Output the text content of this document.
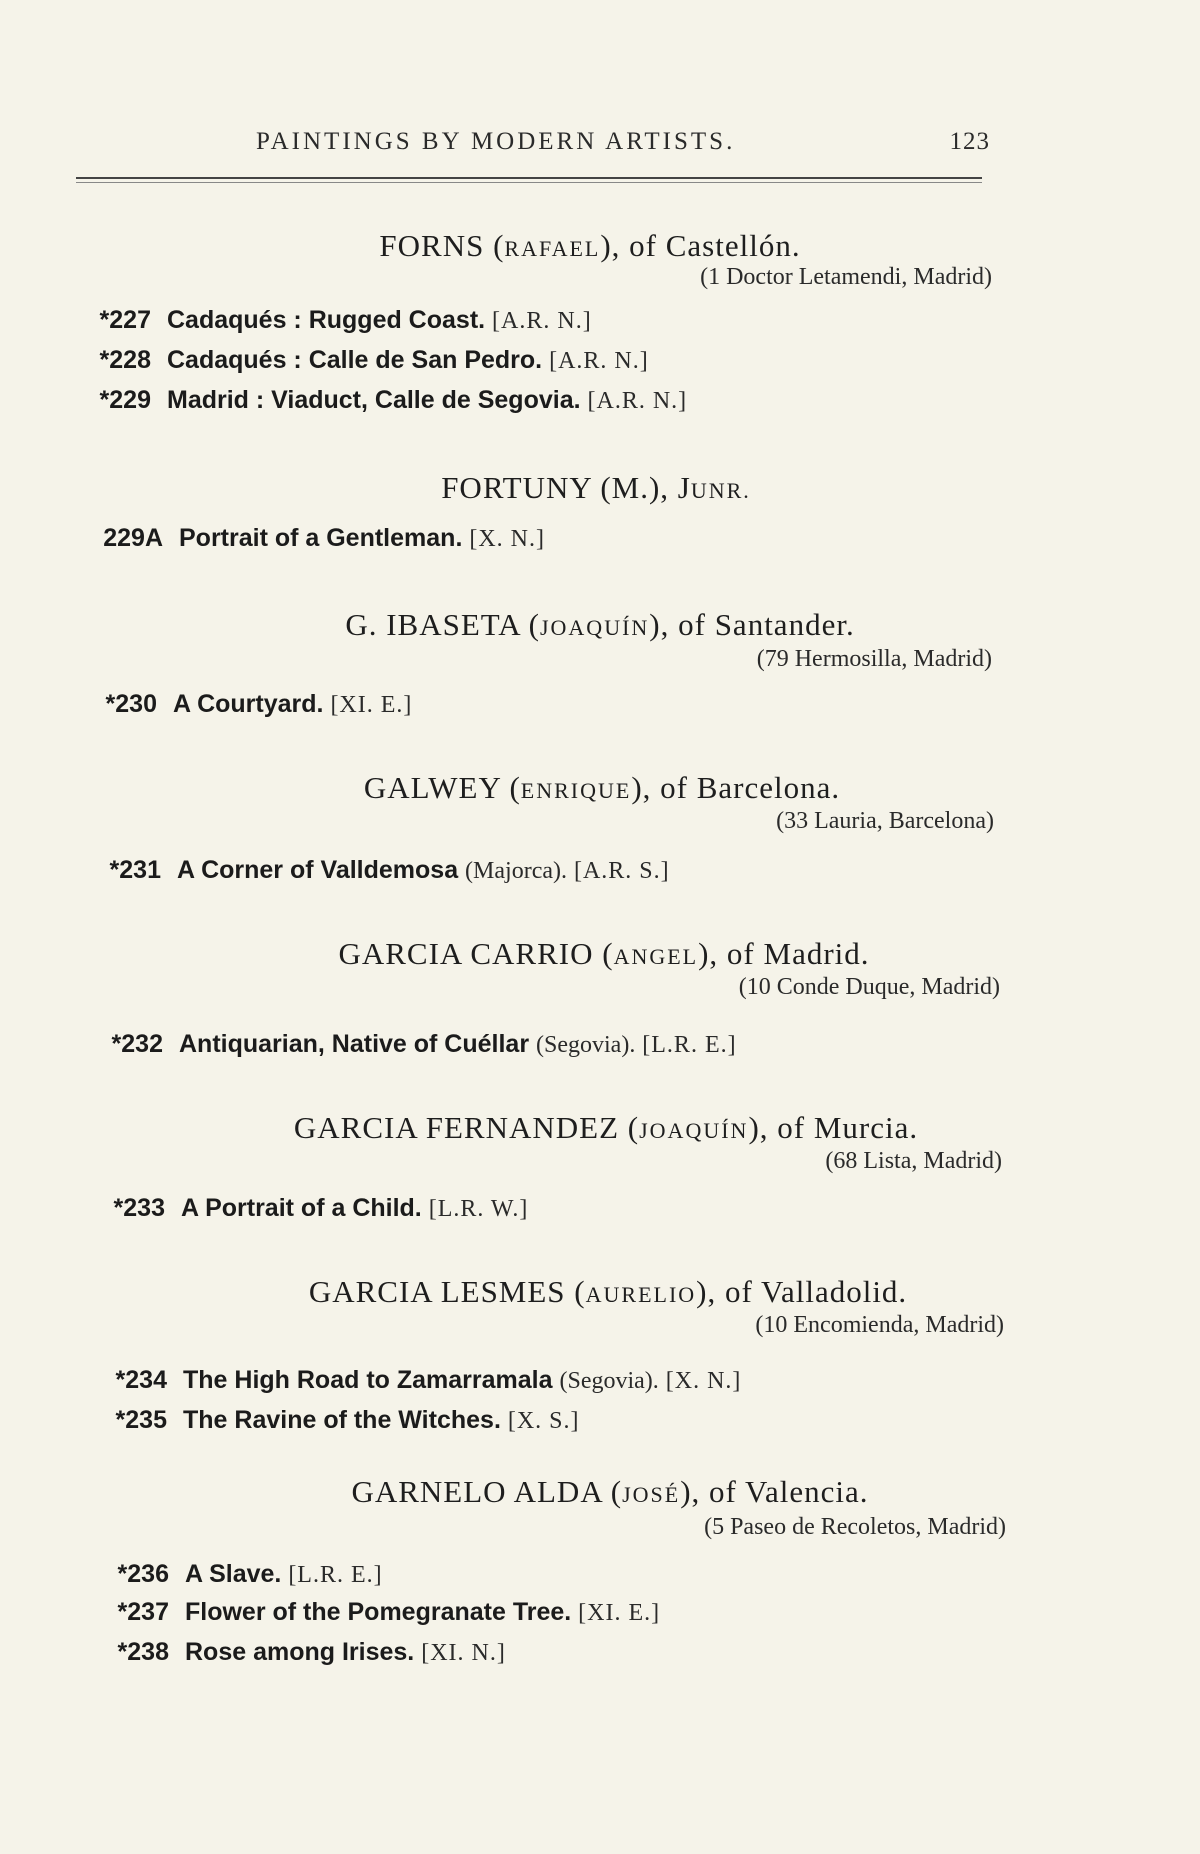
PAINTINGS BY MODERN ARTISTS.	123
FORNS (RAFAEL), of Castellón.
(1 Doctor Letamendi, Madrid)
*227 Cadaqués : Rugged Coast. [A.R. N.]
*228 Cadaqués : Calle de San Pedro. [A.R. N.]
*229 Madrid : Viaduct, Calle de Segovia. [A.R. N.]
FORTUNY (M.), JUNR.
229A Portrait of a Gentleman. [X. N.]
G. IBASETA (JOAQUÍN), of Santander.
(79 Hermosilla, Madrid)
*230 A Courtyard. [XI. E.]
GALWEY (ENRIQUE), of Barcelona.
(33 Lauria, Barcelona)
*231 A Corner of Valldemosa (Majorca). [A.R. S.]
GARCIA CARRIO (ANGEL), of Madrid.
(10 Conde Duque, Madrid)
*232 Antiquarian, Native of Cuéllar (Segovia). [L.R. E.]
GARCIA FERNANDEZ (JOAQUÍN), of Murcia.
(68 Lista, Madrid)
*233 A Portrait of a Child. [L.R. W.]
GARCIA LESMES (AURELIO), of Valladolid.
(10 Encomienda, Madrid)
*234 The High Road to Zamarramala (Segovia). [X. N.]
*235 The Ravine of the Witches. [X. S.]
GARNELO ALDA (JOSÉ), of Valencia.
(5 Paseo de Recoletos, Madrid)
*236 A Slave. [L.R. E.]
*237 Flower of the Pomegranate Tree. [XI. E.]
*238 Rose among Irises. [XI. N.]
